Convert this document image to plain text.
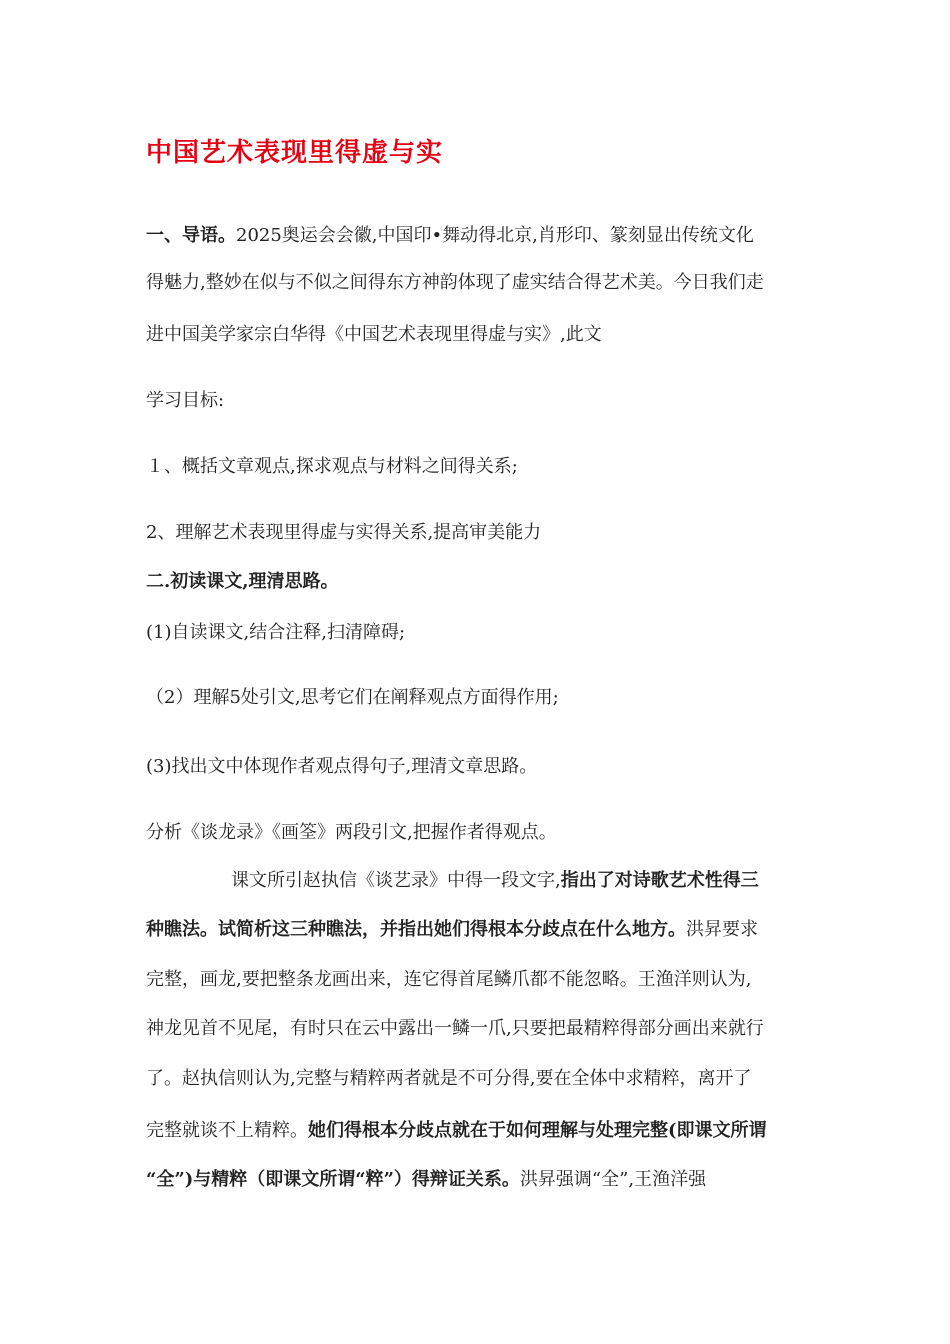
中国艺术表现里得虚与实
一、导语。2025奥运会会徽,中国印•舞动得北京,肖形印、篆刻显出传统文化
得魅力,整妙在似与不似之间得东方神韵体现了虚实结合得艺术美。今日我们走
进中国美学家宗白华得《中国艺术表现里得虚与实》,此文
学习目标:
１、概括文章观点,探求观点与材料之间得关系;
2、理解艺术表现里得虚与实得关系,提高审美能力
二.初读课文,理清思路。
(1)自读课文,结合注释,扫清障碍;
（2）理解5处引文,思考它们在阐释观点方面得作用;
(3)找出文中体现作者观点得句子,理清文章思路。
分析《谈龙录》《画筌》两段引文,把握作者得观点。
课文所引赵执信《谈艺录》中得一段文字,指出了对诗歌艺术性得三
种瞧法。试简析这三种瞧法，并指出她们得根本分歧点在什么地方。洪昇要求
完整，画龙,要把整条龙画出来，连它得首尾鳞爪都不能忽略。王渔洋则认为,
神龙见首不见尾，有时只在云中露出一鳞一爪,只要把最精粹得部分画出来就行
了。赵执信则认为,完整与精粹两者就是不可分得,要在全体中求精粹，离开了
完整就谈不上精粹。她们得根本分歧点就在于如何理解与处理完整(即课文所谓
“全”)与精粹（即课文所谓“粹”）得辩证关系。洪昇强调“全”,王渔洋强
